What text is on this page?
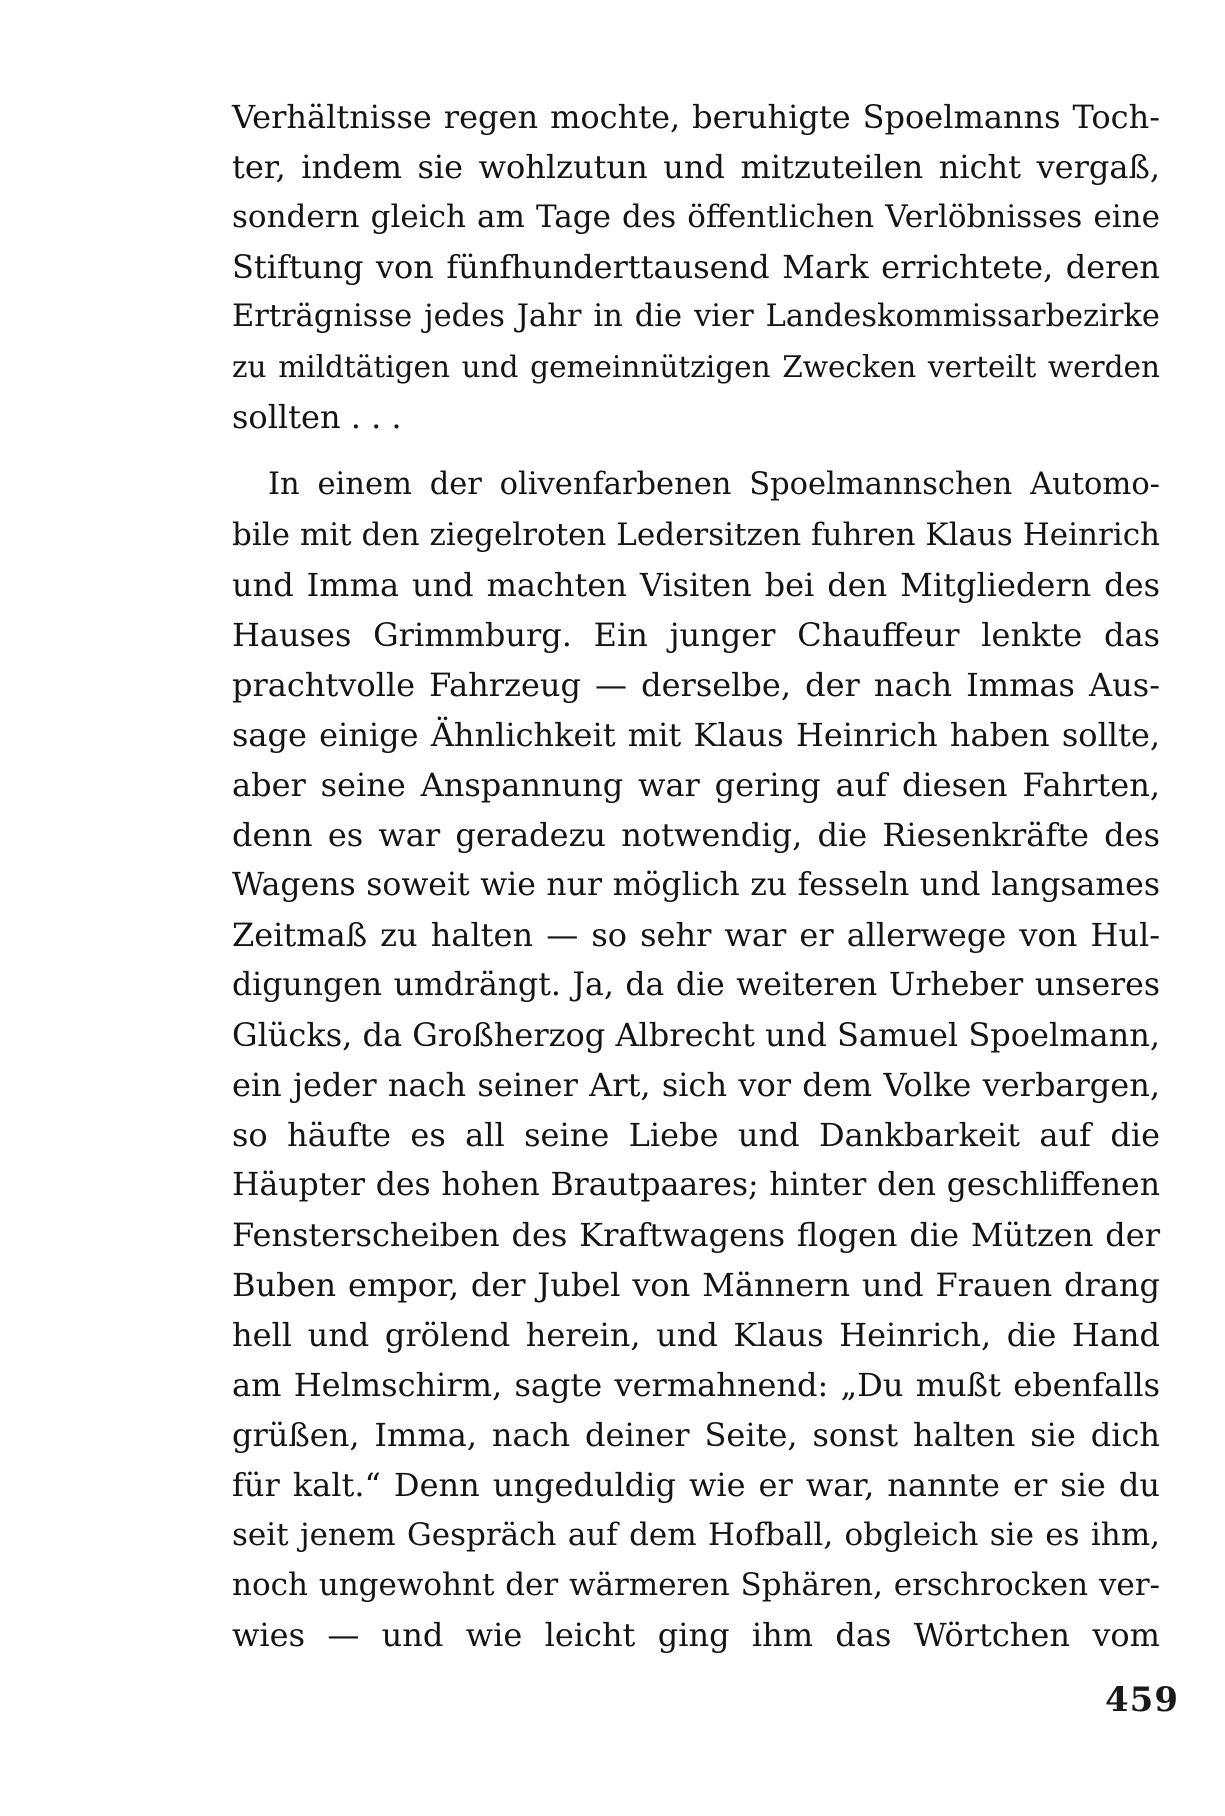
Verhältnisse regen mochte, beruhigte Spoelmanns Toch-
ter, indem sie wohlzutun und mitzuteilen nicht vergaß,
sondern gleich am Tage des öffentlichen Verlöbnisses eine
Stiftung von fünfhunderttausend Mark errichtete, deren
Erträgnisse jedes Jahr in die vier Landeskommissarbezirke
zu mildtätigen und gemeinnützigen Zwecken verteilt werden
sollten . . .
In einem der olivenfarbenen Spoelmannschen Automo-
bile mit den ziegelroten Ledersitzen fuhren Klaus Heinrich
und Imma und machten Visiten bei den Mitgliedern des
Hauses Grimmburg. Ein junger Chauffeur lenkte das
prachtvolle Fahrzeug — derselbe, der nach Immas Aus-
sage einige Ähnlichkeit mit Klaus Heinrich haben sollte,
aber seine Anspannung war gering auf diesen Fahrten,
denn es war geradezu notwendig, die Riesenkräfte des
Wagens soweit wie nur möglich zu fesseln und langsames
Zeitmaß zu halten — so sehr war er allerwege von Hul-
digungen umdrängt. Ja, da die weiteren Urheber unseres
Glücks, da Großherzog Albrecht und Samuel Spoelmann,
ein jeder nach seiner Art, sich vor dem Volke verbargen,
so häufte es all seine Liebe und Dankbarkeit auf die
Häupter des hohen Brautpaares; hinter den geschliffenen
Fensterscheiben des Kraftwagens flogen die Mützen der
Buben empor, der Jubel von Männern und Frauen drang
hell und grölend herein, und Klaus Heinrich, die Hand
am Helmschirm, sagte vermahnend: „Du mußt ebenfalls
grüßen, Imma, nach deiner Seite, sonst halten sie dich
für kalt.“ Denn ungeduldig wie er war, nannte er sie du
seit jenem Gespräch auf dem Hofball, obgleich sie es ihm,
noch ungewohnt der wärmeren Sphären, erschrocken ver-
wies — und wie leicht ging ihm das Wörtchen vom
459
